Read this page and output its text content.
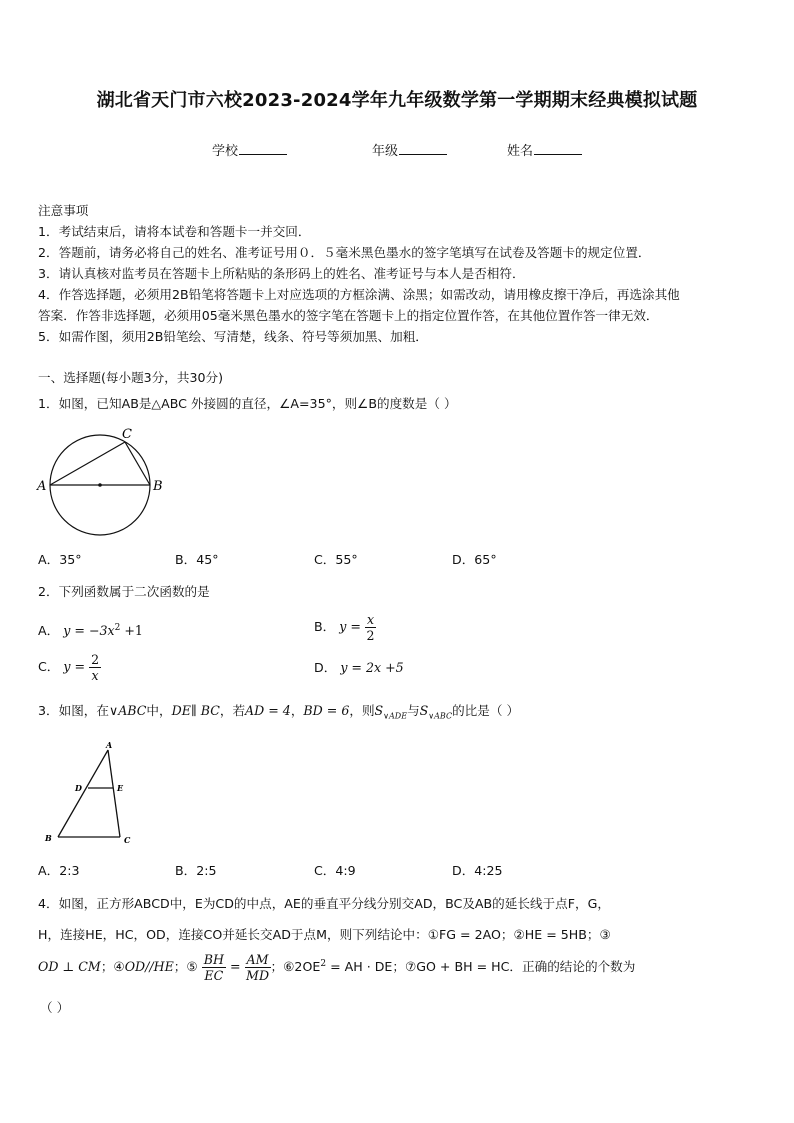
湖北省天门市六校2023-2024学年九年级数学第一学期期末经典模拟试题
学校	年级	姓名
注意事项
1．考试结束后，请将本试卷和答题卡一并交回．
2．答题前，请务必将自己的姓名、准考证号用０．５毫米黑色墨水的签字笔填写在试卷及答题卡的规定位置．
3．请认真核对监考员在答题卡上所粘贴的条形码上的姓名、准考证号与本人是否相符．
4．作答选择题，必须用2B铅笔将答题卡上对应选项的方框涂满、涂黑；如需改动，请用橡皮擦干净后，再选涂其他
答案．作答非选择题，必须用05毫米黑色墨水的签字笔在答题卡上的指定位置作答，在其他位置作答一律无效．
5．如需作图，须用2B铅笔绘、写清楚，线条、符号等须加黑、加粗．
一、选择题(每小题3分，共30分)
1．如图，已知AB是△ABC 外接圆的直径，∠A=35°，则∠B的度数是（ ）
A	B
C
A．35°	B．45°	C．55°	D．65°
2．下列函数属于二次函数的是
A． $y = -3x^2 +1$	B． $y = \frac{x}{2}$
C． $y = \frac{2}{x}$	D． y = 2x +5
3．如图，在∨ABC中，DE∥ BC，若AD = 4，BD = 6，则$S_{\vee ADE}$与$S_{\vee ABC}$的比是（ ）
A
B	C
D	E
A．2:3	B．2:5	C．4:9	D．4:25
4．如图，正方形ABCD中，E为CD的中点，AE的垂直平分线分别交AD，BC及AB的延长线于点F，G，
H，连接HE，HC，OD，连接CO并延长交AD于点M，则下列结论中：①FG = 2AO；②HE = 5HB；③
OD ⊥ CM；④OD//HE；⑤ $\frac{BH}{EC} = \frac{AM}{MD}$ ；$⑥2OE^2$ = AH · DE；⑦GO + BH = HC．正确的结论的个数为
（ ）
